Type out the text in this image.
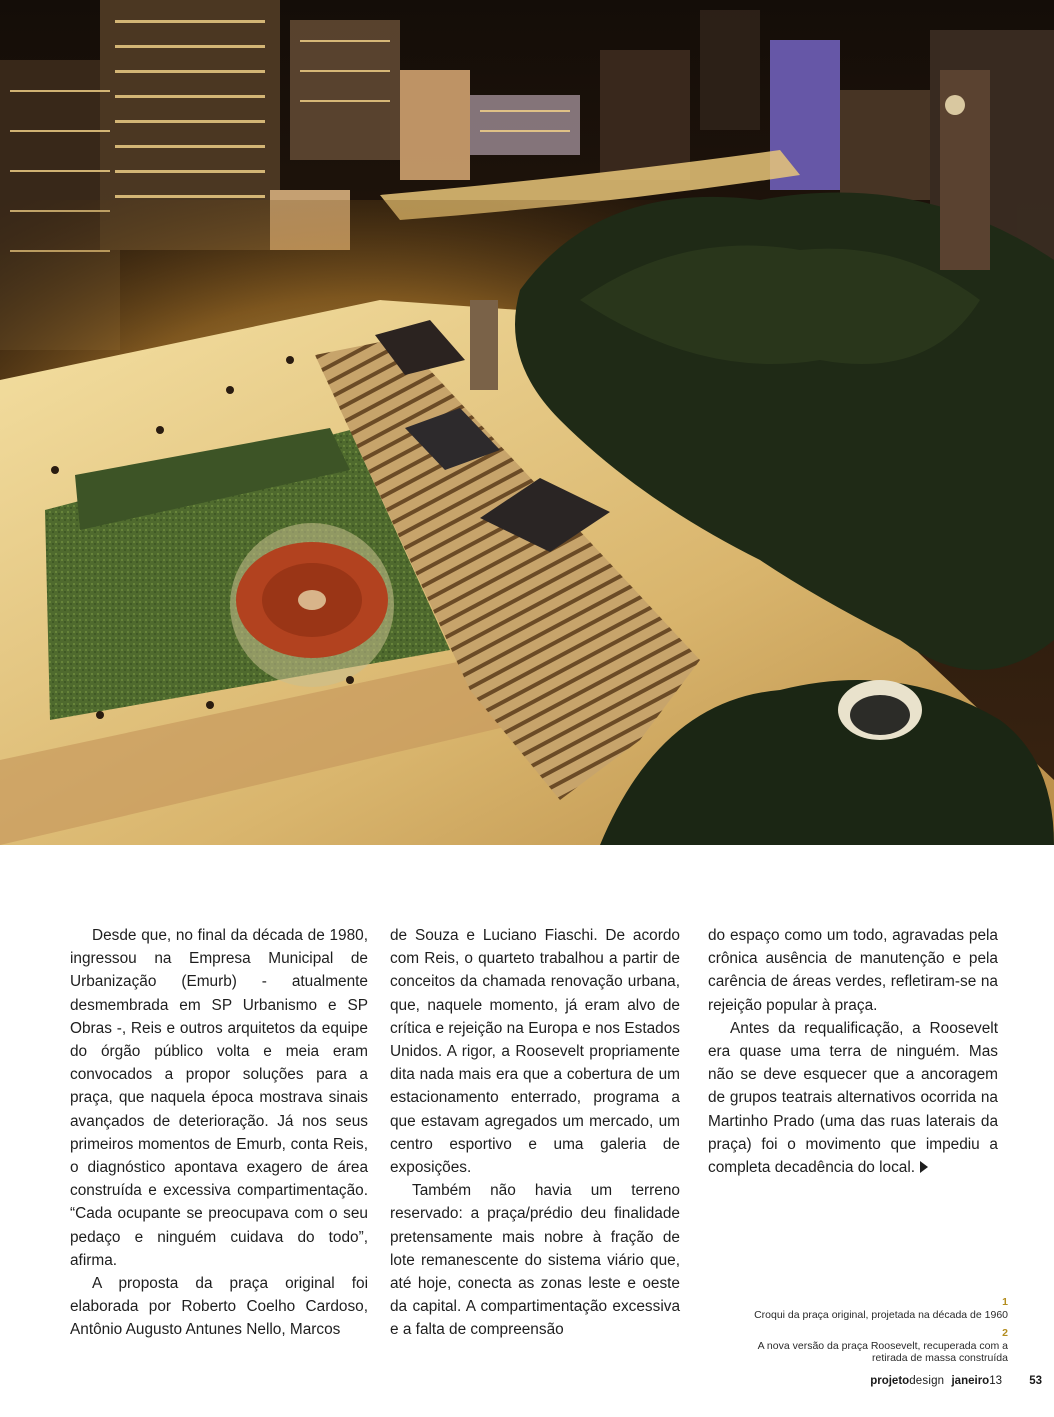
Desde que, no final da década de 1980, ingressou na Empresa Municipal de Urbanização (Emurb) - atualmente desmembrada em SP Urbanismo e SP Obras -, Reis e outros arquitetos da equipe do órgão público volta e meia eram convocados a propor soluções para a praça, que naquela época mostrava sinais avançados de deterioração. Já nos seus primeiros momentos de Emurb, conta Reis, o diagnóstico apontava exagero de área construída e excessiva compartimentação. “Cada ocupante se preocupava com o seu pedaço e ninguém cuidava do todo”, afirma.

A proposta da praça original foi elaborada por Roberto Coelho Cardoso, Antônio Augusto Antunes Nello, Marcos

de Souza e Luciano Fiaschi. De acordo com Reis, o quarteto trabalhou a partir de conceitos da chamada renovação urbana, que, naquele momento, já eram alvo de crítica e rejeição na Europa e nos Estados Unidos. A rigor, a Roosevelt propriamente dita nada mais era que a cobertura de um estacionamento enterrado, programa a que estavam agregados um mercado, um centro esportivo e uma galeria de exposições.

Também não havia um terreno reservado: a praça/prédio deu finalidade pretensamente mais nobre à fração de lote remanescente do sistema viário que, até hoje, conecta as zonas leste e oeste da capital. A compartimentação excessiva e a falta de compreensão

do espaço como um todo, agravadas pela crônica ausência de manutenção e pela carência de áreas verdes, refletiram-se na rejeição popular à praça.

Antes da requalificação, a Roosevelt era quase uma terra de ninguém. Mas não se deve esquecer que a ancoragem de grupos teatrais alternativos ocorrida na Martinho Prado (uma das ruas laterais da praça) foi o movimento que impediu a completa decadência do local.

1
Croqui da praça original, projetada na década de 1960
2
A nova versão da praça Roosevelt, recuperada com a retirada de massa construída
projetodesign janeiro13 53
